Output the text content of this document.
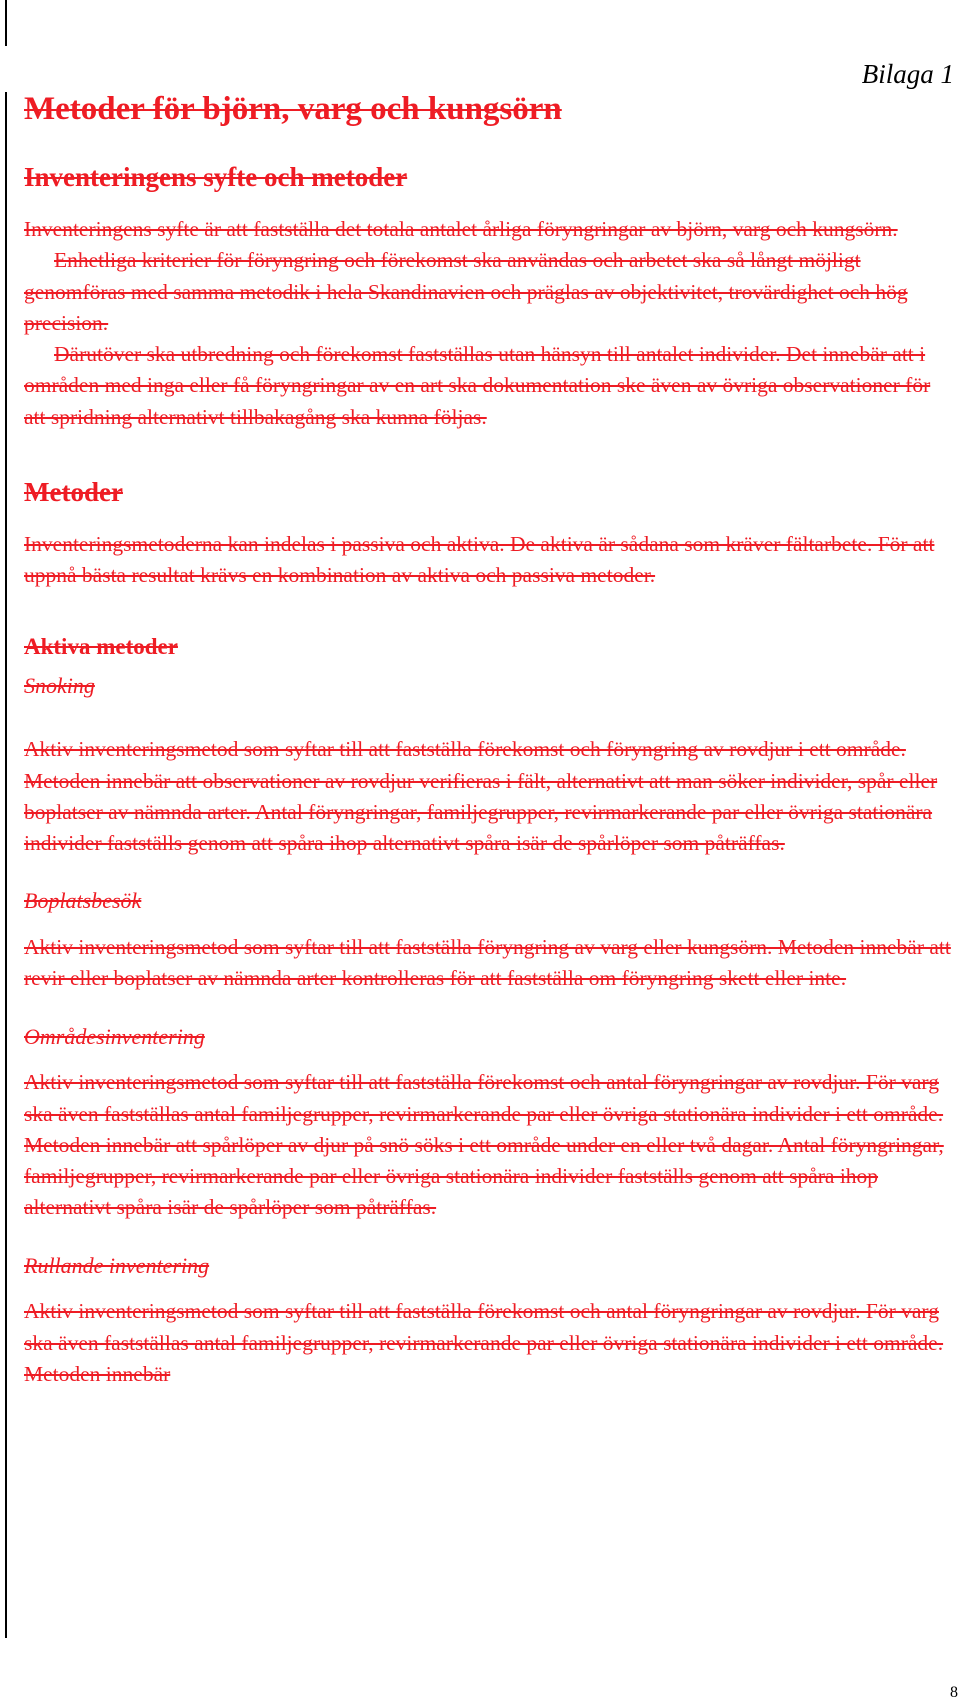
Bilaga 1
Metoder för björn, varg och kungsörn
Inventeringens syfte och metoder

Inventeringens syfte är att fastställa det totala antalet årliga föryngringar av björn, varg och kungsörn.

Enhetliga kriterier för föryngring och förekomst ska användas och arbetet ska så långt möjligt genomföras med samma metodik i hela Skandinavien och präglas av objektivitet, trovärdighet och hög precision.

Därutöver ska utbredning och förekomst fastställas utan hänsyn till antalet individer. Det innebär att i områden med inga eller få föryngringar av en art ska dokumentation ske även av övriga observationer för att spridning alternativt tillbakagång ska kunna följas.

Metoder

Inventeringsmetoderna kan indelas i passiva och aktiva. De aktiva är sådana som kräver fältarbete. För att uppnå bästa resultat krävs en kombination av aktiva och passiva metoder.

Aktiva metoder
Snoking

Aktiv inventeringsmetod som syftar till att fastställa förekomst och föryngring av rovdjur i ett område. Metoden innebär att observationer av rovdjur verifieras i fält, alternativt att man söker individer, spår eller boplatser av nämnda arter. Antal föryngringar, familjegrupper, revirmarkerande par eller övriga stationära individer fastställs genom att spåra ihop alternativt spåra isär de spårlöper som påträffas.

Boplatsbesök

Aktiv inventeringsmetod som syftar till att fastställa föryngring av varg eller kungsörn. Metoden innebär att revir eller boplatser av nämnda arter kontrolleras för att fastställa om föryngring skett eller inte.

Områdesinventering

Aktiv inventeringsmetod som syftar till att fastställa förekomst och antal föryngringar av rovdjur. För varg ska även fastställas antal familjegrupper, revirmarkerande par eller övriga stationära individer i ett område. Metoden innebär att spårlöper av djur på snö söks i ett område under en eller två dagar. Antal föryngringar, familjegrupper, revirmarkerande par eller övriga stationära individer fastställs genom att spåra ihop alternativt spåra isär de spårlöper som påträffas.

Rullande inventering

Aktiv inventeringsmetod som syftar till att fastställa förekomst och antal föryngringar av rovdjur. För varg ska även fastställas antal familjegrupper, revirmarkerande par eller övriga stationära individer i ett område. Metoden innebär

8
